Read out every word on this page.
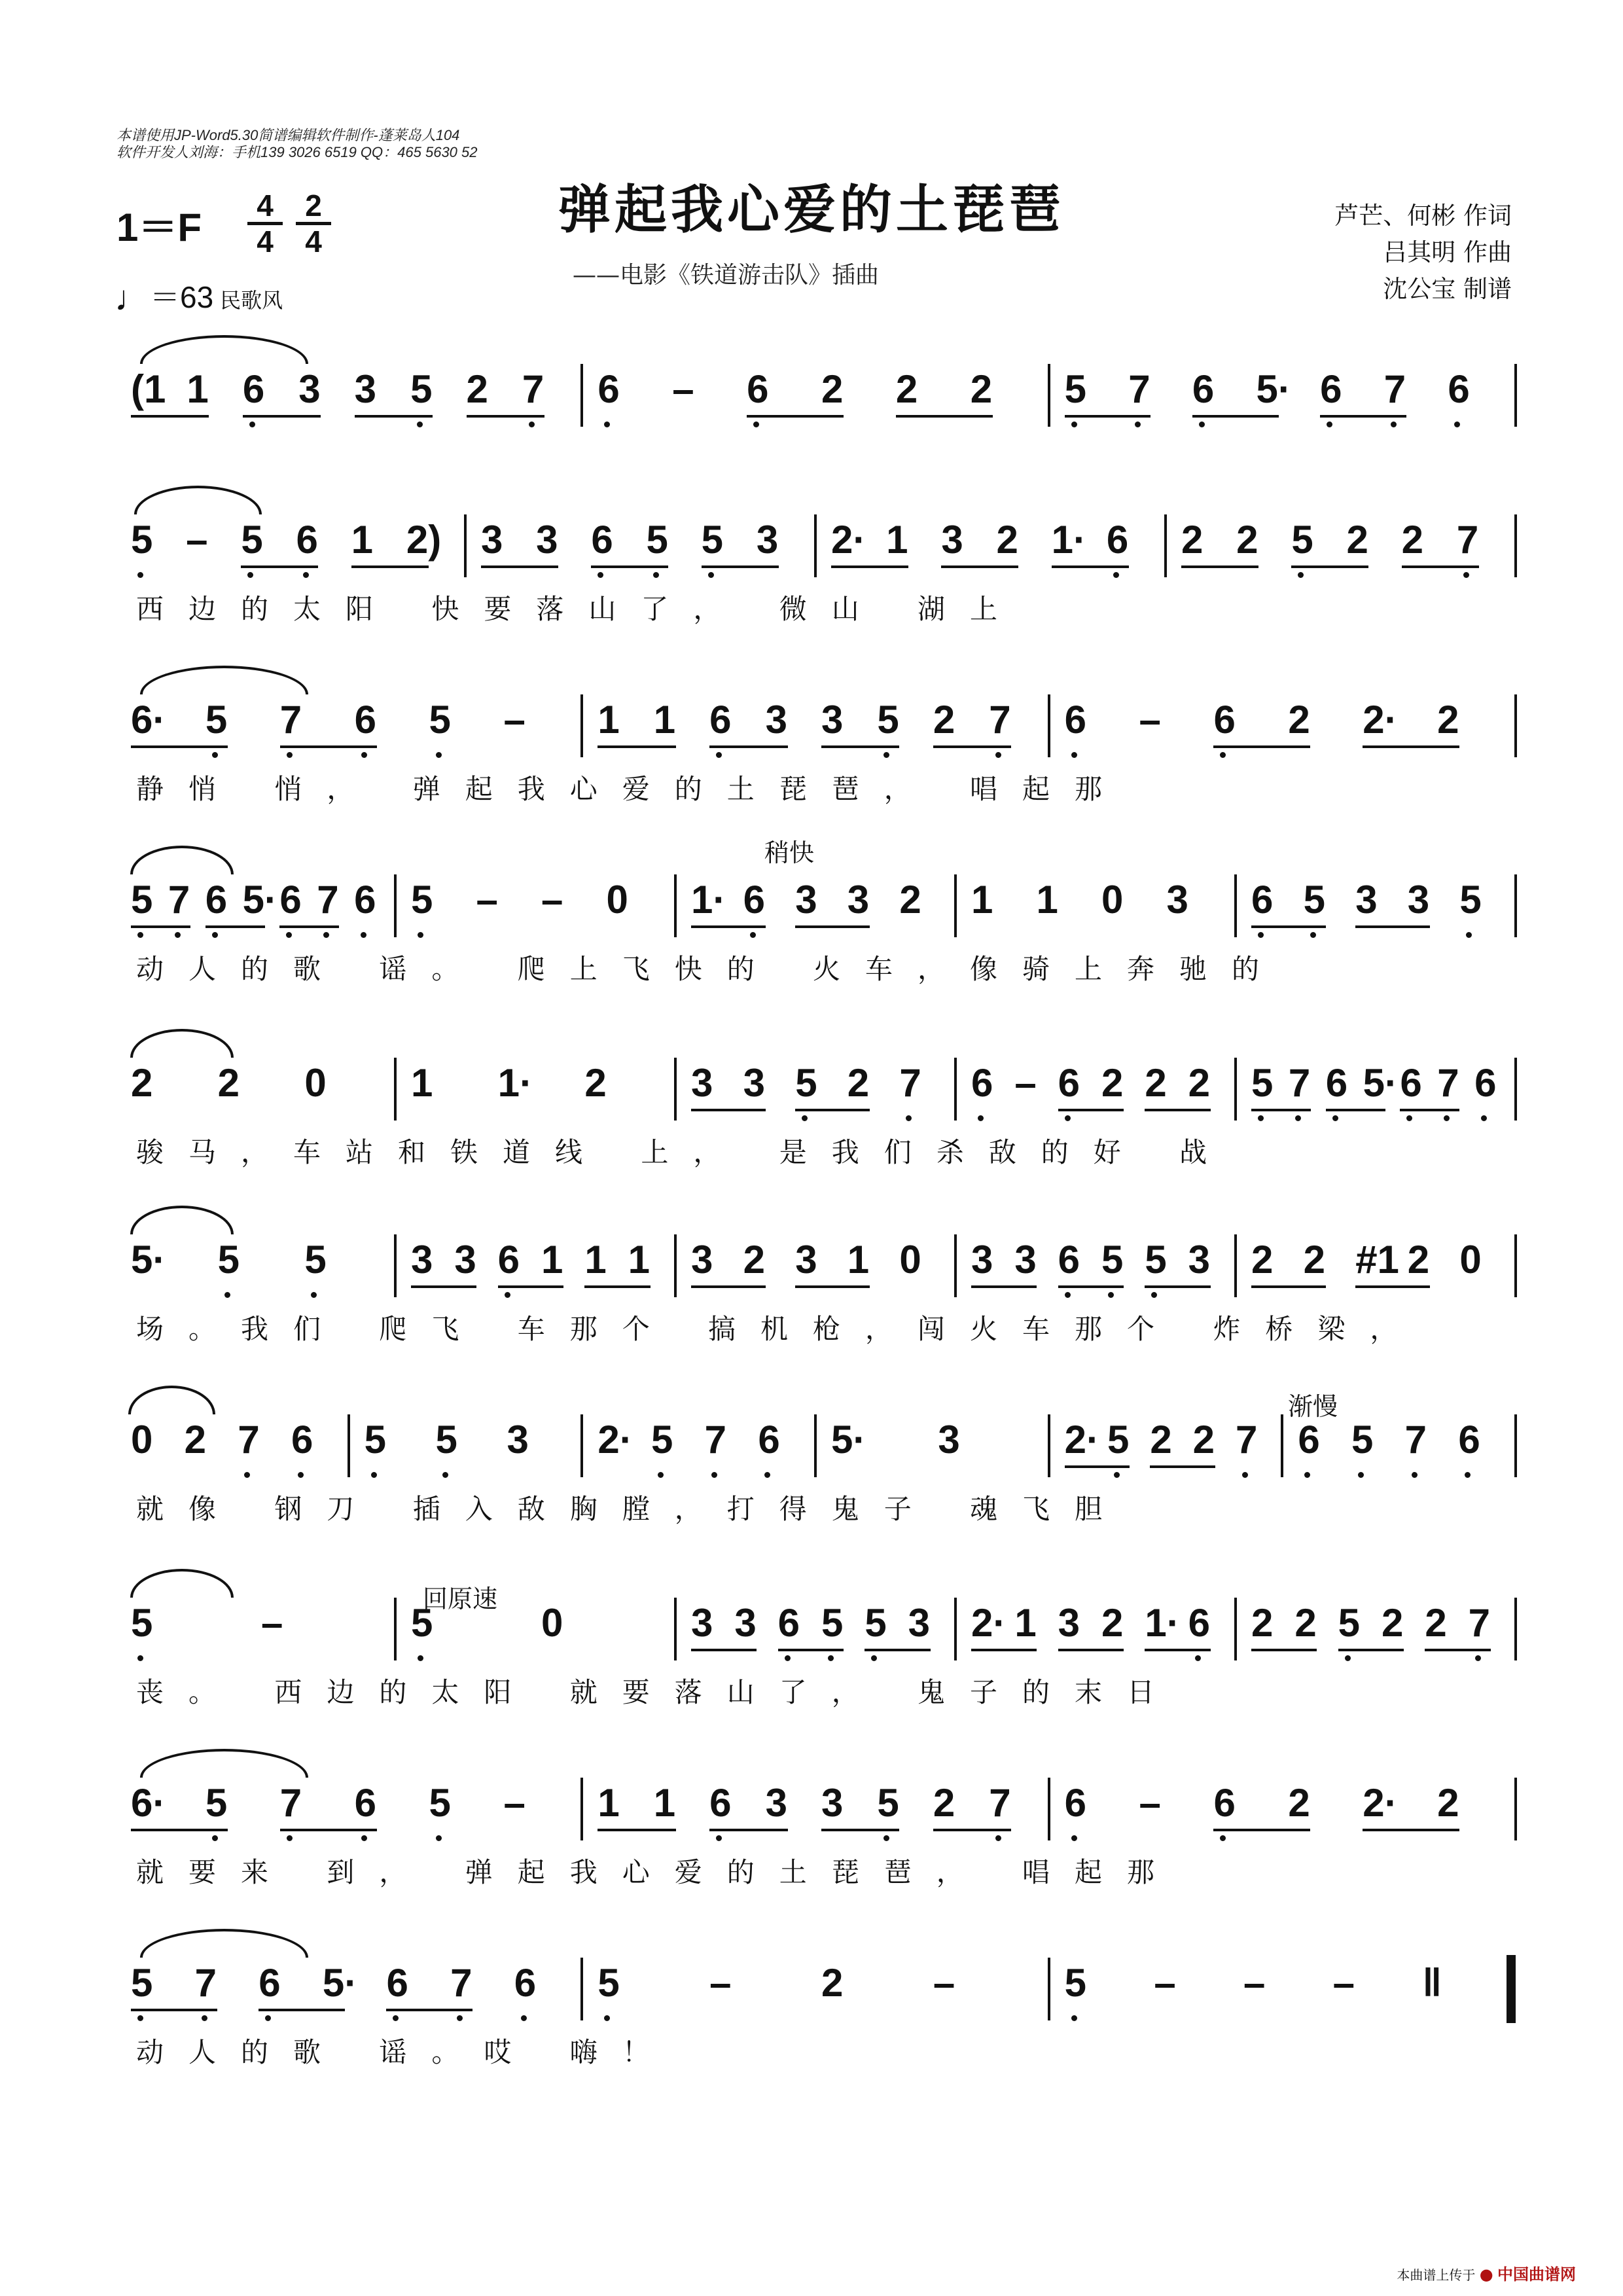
本谱使用JP-Word5.30简谱编辑软件制作-蓬莱岛人104
软件开发人刘海：手机139 3026 6519 QQ：465 5630 52
1＝F	4
4
2
4
♩＝63 民歌风
弹起我心爱的土琵琶
——电影《铁道游击队》插曲
芦芒、何彬 作词
吕其明 作曲
沈公宝 制谱
(1 1 6 3 3 5 2 7 6 – 6 2 2 2 5 7 6 5· 6 7 6
5 – 5 6 1 2) 3 3 6 5 5 3 2· 1 3 2 1· 6 2 2 5 2 2 7
西边的太阳 快要落山了， 微山 湖上
6· 5 7 6 5 – 1 1 6 3 3 5 2 7 6 – 6 2 2· 2
静悄 悄， 弹起我心爱的土琵琶， 唱起那
5 7 6 5· 6 7 6 5 – – 0 1· 6 3 3 2 1 1 0 3 6 5 3 3 5
动人的歌 谣。 爬上飞快的 火车，像骑上奔驰的
2 2 0 1 1· 2 3 3 5 2 7 6 – 6 2 2 2 5 7 6 5· 6 7 6
骏马，车站和铁道线 上， 是我们杀敌的好 战
5· 5 5 3 3 6 1 1 1 3 2 3 1 0 3 3 6 5 5 3 2 2 #1 2 0
场。我们 爬飞 车那个 搞机枪，闯火车那个 炸桥梁，
0 2 7 6 5 5 3 2· 5 7 6 5· 3	2· 5 2 2 7 6 5 7 6
就像 钢刀 插入敌胸膛，打得鬼子 魂飞胆
5	–	5	0	3 3 6 5 5 3 2· 1 3 2 1· 6 2 2 5 2 2 7
丧。 西边的太阳 就要落山了， 鬼子的末日
6· 5 7 6 5 – 1 1 6 3 3 5 2 7 6 – 6 2 2· 2
就要来 到， 弹起我心爱的土琵琶， 唱起那
5 7 6 5· 6 7 6 5 – 2 –	5 – – – ‖
动人的歌 谣。哎 嗨！
稍快
渐慢
回原速
本曲谱上传于 ● 中国曲谱网
